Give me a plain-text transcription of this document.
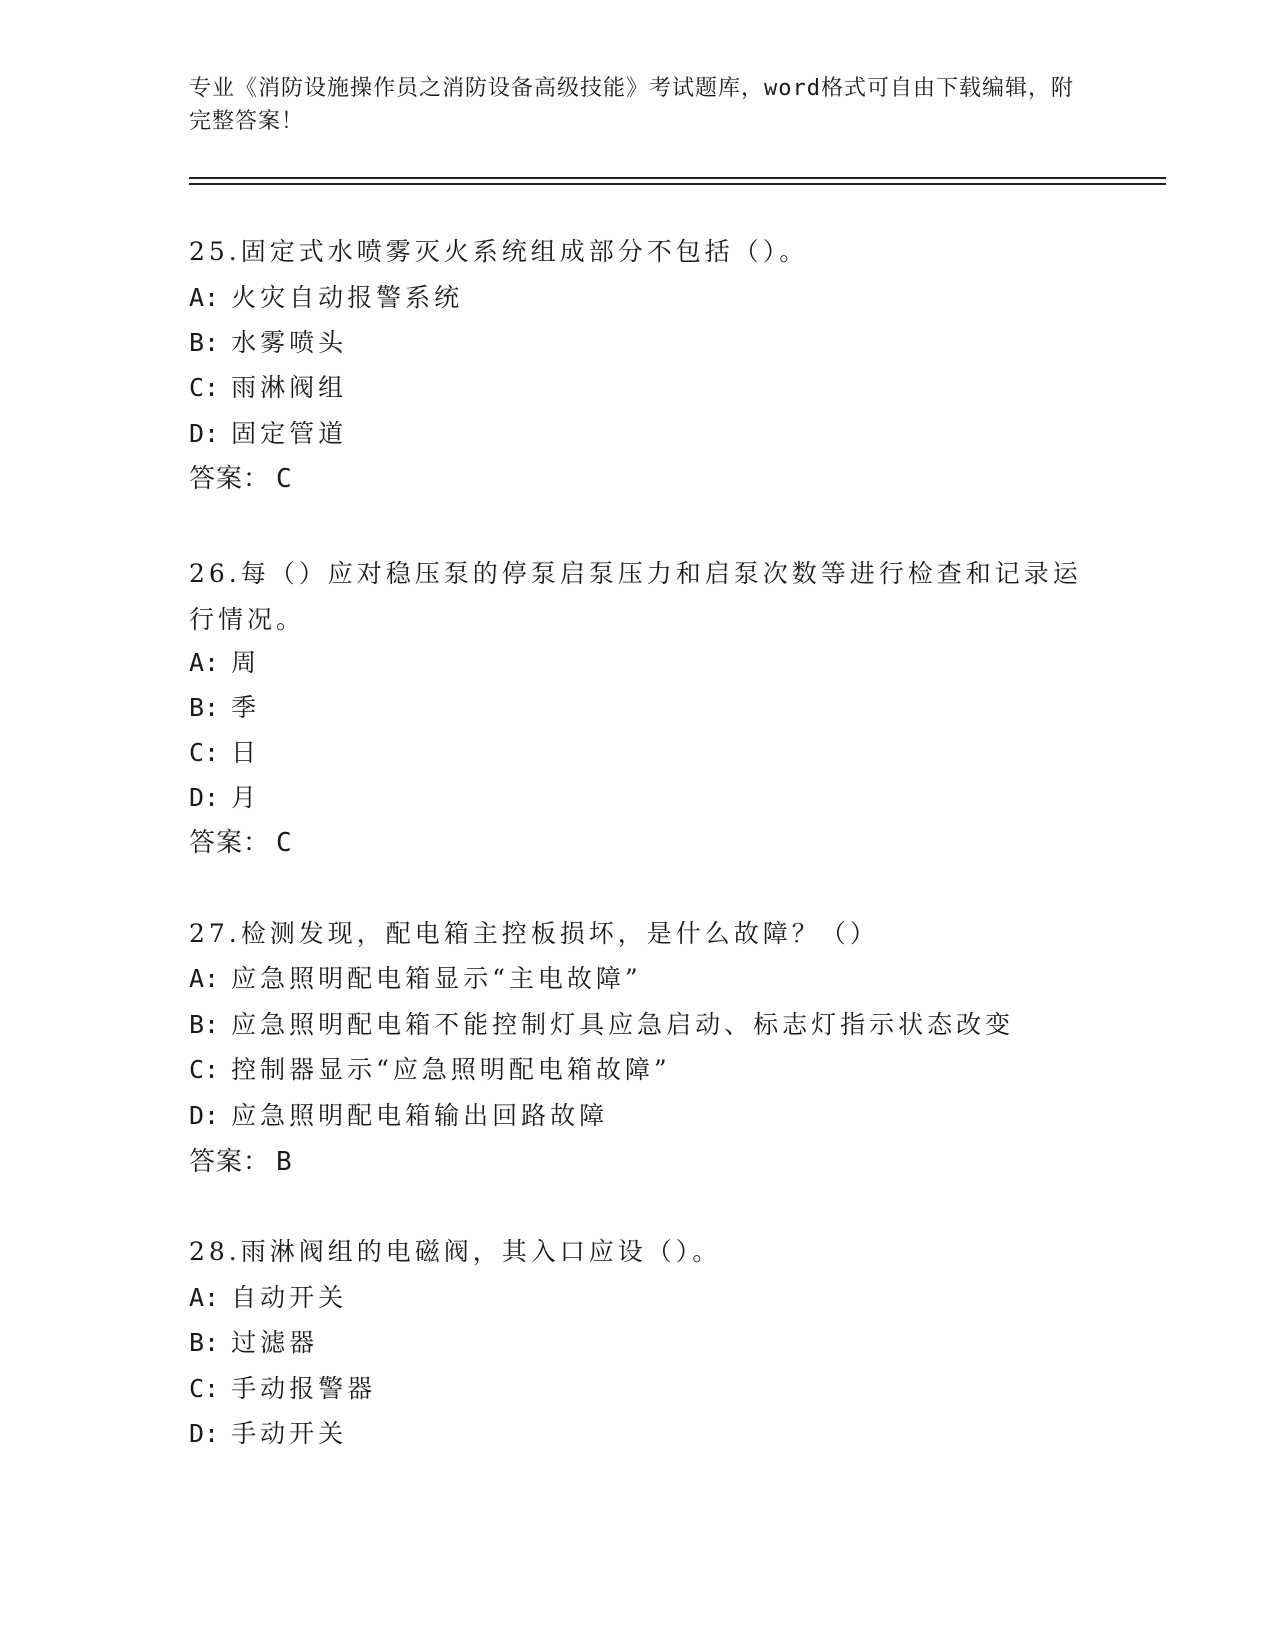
专业《消防设施操作员之消防设备高级技能》考试题库，word格式可自由下载编辑，附完整答案！
25.固定式水喷雾灭火系统组成部分不包括（）。
A: 火灾自动报警系统
B: 水雾喷头
C: 雨淋阀组
D: 固定管道
答案： C
26.每（）应对稳压泵的停泵启泵压力和启泵次数等进行检查和记录运行情况。
A: 周
B: 季
C: 日
D: 月
答案： C
27.检测发现，配电箱主控板损坏，是什么故障？（）
A: 应急照明配电箱显示“主电故障”
B: 应急照明配电箱不能控制灯具应急启动、标志灯指示状态改变
C: 控制器显示“应急照明配电箱故障”
D: 应急照明配电箱输出回路故障
答案： B
28.雨淋阀组的电磁阀，其入口应设（）。
A: 自动开关
B: 过滤器
C: 手动报警器
D: 手动开关
